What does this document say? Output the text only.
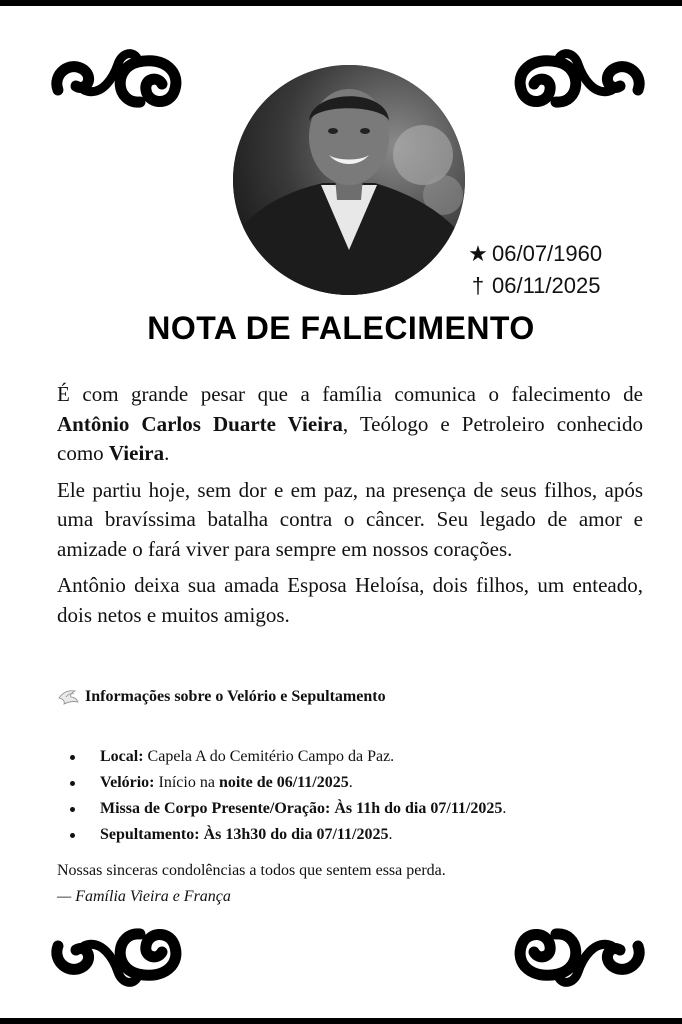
★ 06/07/1960
† 06/11/2025
NOTA DE FALECIMENTO

É com grande pesar que a família comunica o falecimento de Antônio Carlos Duarte Vieira, Teólogo e Petroleiro conhecido como Vieira.

Ele partiu hoje, sem dor e em paz, na presença de seus filhos, após uma bravíssima batalha contra o câncer. Seu legado de amor e amizade o fará viver para sempre em nossos corações.

Antônio deixa sua amada Esposa Heloísa, dois filhos, um enteado, dois netos e muitos amigos.

Informações sobre o Velório e Sepultamento
Local: Capela A do Cemitério Campo da Paz.
Velório: Início na noite de 06/11/2025.
Missa de Corpo Presente/Oração: Às 11h do dia 07/11/2025.
Sepultamento: Às 13h30 do dia 07/11/2025.
Nossas sinceras condolências a todos que sentem essa perda.
— Família Vieira e França
